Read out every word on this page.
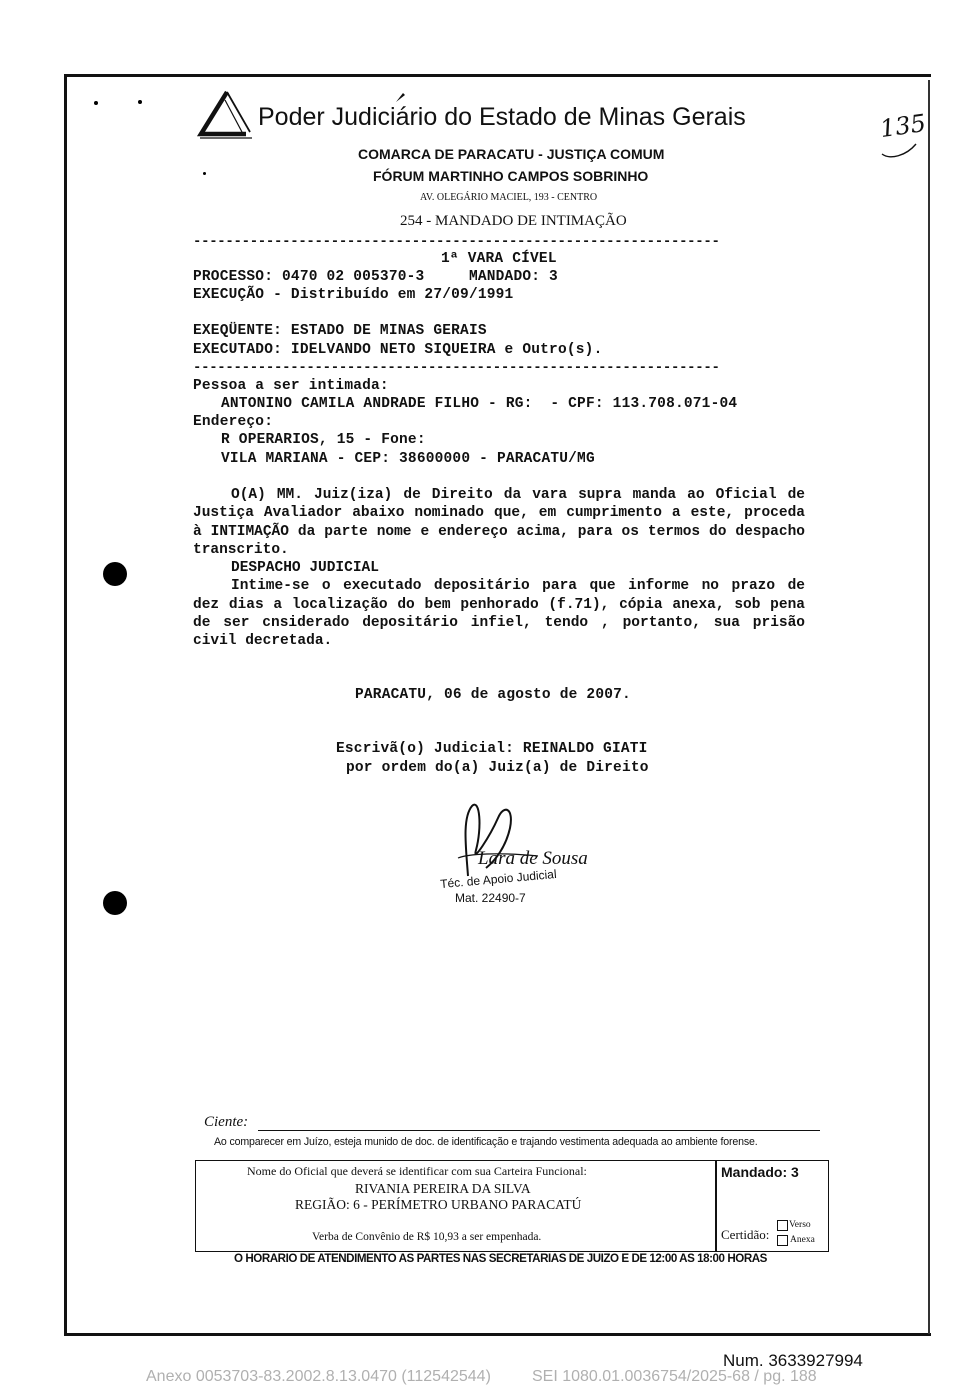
Poder Judiciário do Estado de Minas Gerais
COMARCA DE PARACATU - JUSTIÇA COMUM
FÓRUM MARTINHO CAMPOS SOBRINHO
AV. OLEGÁRIO MACIEL, 193 - CENTRO
254 - MANDADO DE INTIMAÇÃO
135
-----------------------------------------------------------------
1ª VARA CÍVEL
PROCESSO: 0470 02 005370-3     MANDADO: 3
EXECUÇÃO - Distribuído em 27/09/1991
EXEQÜENTE: ESTADO DE MINAS GERAIS
EXECUTADO: IDELVANDO NETO SIQUEIRA e Outro(s).
-----------------------------------------------------------------
Pessoa a ser intimada:
ANTONINO CAMILA ANDRADE FILHO - RG:  - CPF: 113.708.071-04
Endereço:
R OPERARIOS, 15 - Fone:
VILA MARIANA - CEP: 38600000 - PARACATU/MG
O(A) MM. Juiz(iza) de Direito da vara supra manda ao Oficial de Justiça Avaliador abaixo nominado que, em cumprimento a este, proceda à INTIMAÇÃO da parte nome e endereço acima, para os termos do despacho transcrito.
DESPACHO JUDICIAL
Intime-se o executado depositário para que informe no prazo de dez dias a localização do bem penhorado (f.71), cópia anexa, sob pena de ser cnsiderado depositário infiel, tendo , portanto, sua prisão civil decretada.
PARACATU, 06 de agosto de 2007.
Escrivã(o) Judicial: REINALDO GIATI
por ordem do(a) Juiz(a) de Direito
Lara de Sousa
Téc. de Apoio Judicial
Mat. 22490-7
Ciente:
Ao comparecer em Juízo, esteja munido de doc. de identificação e trajando vestimenta adequada ao ambiente forense.
Nome do Oficial que deverá se identificar com sua Carteira Funcional:
RIVANIA PEREIRA DA SILVA
REGIÃO: 6 - PERÍMETRO URBANO PARACATÚ
Verba de Convênio de R$ 10,93 a ser empenhada.
Mandado: 3
Certidão:
Verso
Anexa
O HORARIO DE ATENDIMENTO AS PARTES NAS SECRETARIAS DE JUIZO E DE 12:00 AS 18:00 HORAS
Num. 3633927994
Anexo 0053703-83.2002.8.13.0470 (112542544)	SEI 1080.01.0036754/2025-68 / pg. 188
